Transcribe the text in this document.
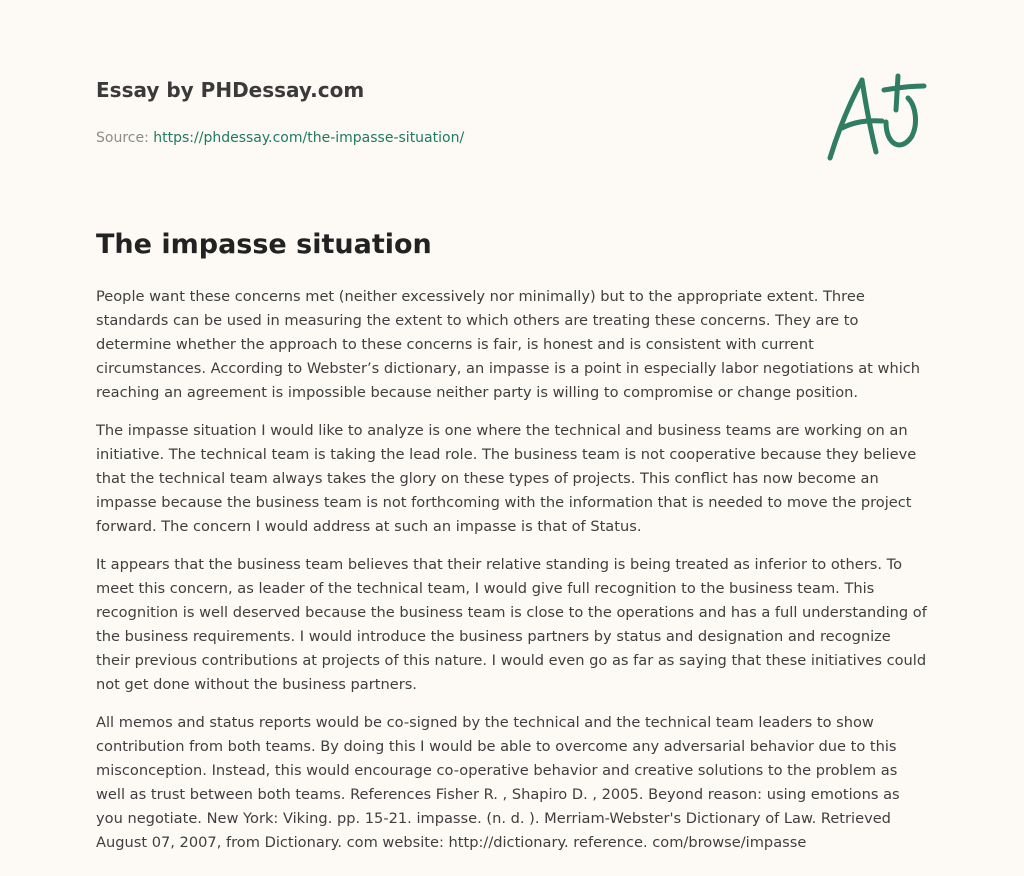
Essay by PHDessay.com
Source: https://phdessay.com/the-impasse-situation/
The impasse situation

People want these concerns met (neither excessively nor minimally) but to the appropriate extent. Three standards can be used in measuring the extent to which others are treating these concerns. They are to determine whether the approach to these concerns is fair, is honest and is consistent with current circumstances. According to Webster’s dictionary, an impasse is a point in especially labor negotiations at which reaching an agreement is impossible because neither party is willing to compromise or change position.

The impasse situation I would like to analyze is one where the technical and business teams are working on an initiative. The technical team is taking the lead role. The business team is not cooperative because they believe that the technical team always takes the glory on these types of projects. This conflict has now become an impasse because the business team is not forthcoming with the information that is needed to move the project forward. The concern I would address at such an impasse is that of Status.

It appears that the business team believes that their relative standing is being treated as inferior to others. To meet this concern, as leader of the technical team, I would give full recognition to the business team. This recognition is well deserved because the business team is close to the operations and has a full understanding of the business requirements. I would introduce the business partners by status and designation and recognize their previous contributions at projects of this nature. I would even go as far as saying that these initiatives could not get done without the business partners.

All memos and status reports would be co-signed by the technical and the technical team leaders to show contribution from both teams. By doing this I would be able to overcome any adversarial behavior due to this misconception. Instead, this would encourage co-operative behavior and creative solutions to the problem as well as trust between both teams. References Fisher R. , Shapiro D. , 2005. Beyond reason: using emotions as you negotiate. New York: Viking. pp. 15-21. impasse. (n. d. ). Merriam-Webster's Dictionary of Law. Retrieved August 07, 2007, from Dictionary. com website: http://dictionary. reference. com/browse/impasse
